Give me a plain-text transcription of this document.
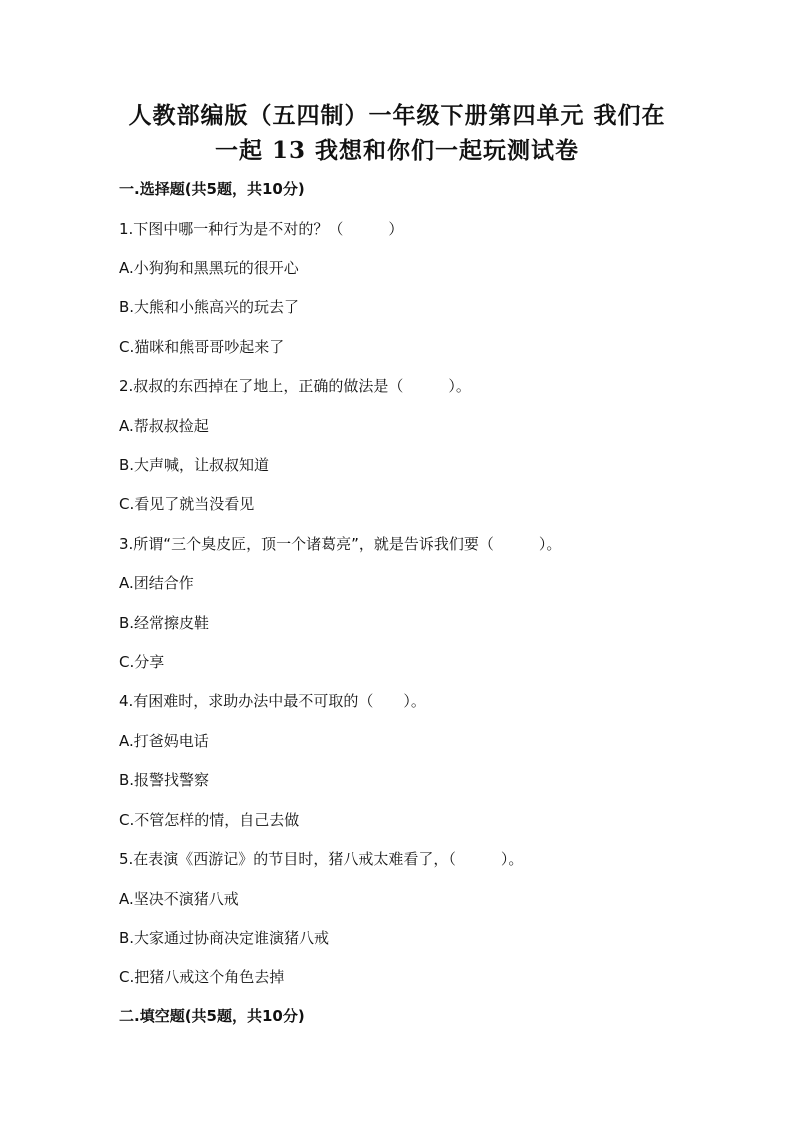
人教部编版（五四制）一年级下册第四单元 我们在
一起 13 我想和你们一起玩测试卷
一.选择题(共5题，共10分)
1.下图中哪一种行为是不对的？（　　　）
A.小狗狗和黑黑玩的很开心
B.大熊和小熊高兴的玩去了
C.猫咪和熊哥哥吵起来了
2.叔叔的东西掉在了地上，正确的做法是（　　　）。
A.帮叔叔捡起
B.大声喊，让叔叔知道
C.看见了就当没看见
3.所谓“三个臭皮匠，顶一个诸葛亮”，就是告诉我们要（　　　）。
A.团结合作
B.经常擦皮鞋
C.分享
4.有困难时，求助办法中最不可取的（　　）。
A.打爸妈电话
B.报警找警察
C.不管怎样的情，自己去做
5.在表演《西游记》的节目时，猪八戒太难看了，（　　　）。
A.坚决不演猪八戒
B.大家通过协商决定谁演猪八戒
C.把猪八戒这个角色去掉
二.填空题(共5题，共10分)
